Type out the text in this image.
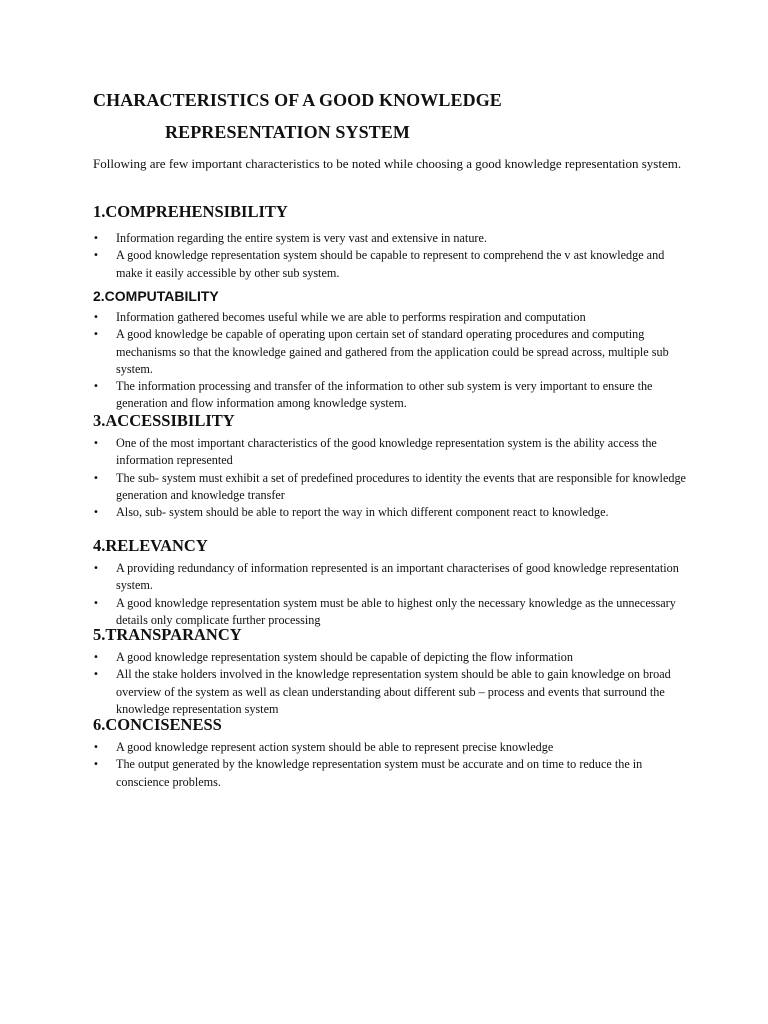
CHARACTERISTICS OF A GOOD KNOWLEDGE
REPRESENTATION SYSTEM
Following are few important characteristics to be noted while choosing a good knowledge representation system.
1.COMPREHENSIBILITY
•	Information regarding the entire system is very vast and extensive in nature.
•	A good knowledge representation system should be capable to represent to comprehend the v ast knowledge and make it easily accessible by other sub system.
2.COMPUTABILITY
•	Information gathered becomes useful while we are able to performs respiration and computation
•	A good knowledge be capable of operating upon certain set of standard operating procedures and computing mechanisms so that the knowledge gained and gathered from the application could be spread across, multiple sub system.
•	The information processing and transfer of the information to other sub system is very important to ensure the generation and flow information among knowledge system.
3.ACCESSIBILITY
•	One of the most important characteristics of the good knowledge representation system is the ability access the information represented
•	The sub- system must exhibit a set of predefined procedures to identity the events that are responsible for knowledge generation and knowledge transfer
•	Also, sub- system should be able to report the way in which different component react to knowledge.
4.RELEVANCY
•	A providing redundancy of information represented is an important characterises of good knowledge representation system.
•	A good knowledge representation system must be able to highest only the necessary knowledge as the unnecessary details only complicate further processing
5.TRANSPARANCY
•	A good knowledge representation system should be capable of depicting the flow information
•	All the stake holders involved in the knowledge representation system should be able to gain knowledge on broad overview of the system as well as clean understanding about different sub – process and events that surround the knowledge representation system
6.CONCISENESS
•	A good knowledge represent action system should be able to represent precise knowledge
•	The output generated by the knowledge representation system must be accurate and on time to reduce the in conscience problems.
